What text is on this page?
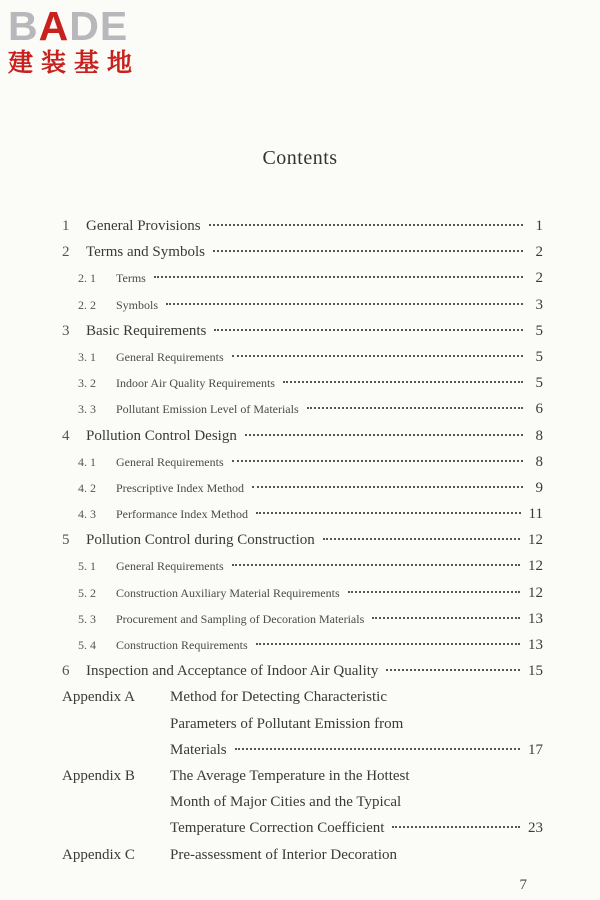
BADE
建装基地
Contents
1	General Provisions	1
2	Terms and Symbols	2
2. 1	Terms	2
2. 2	Symbols	3
3	Basic Requirements	5
3. 1	General Requirements	5
3. 2	Indoor Air Quality Requirements	5
3. 3	Pollutant Emission Level of Materials	6
4	Pollution Control Design	8
4. 1	General Requirements	8
4. 2	Prescriptive Index Method	9
4. 3	Performance Index Method	11
5	Pollution Control during Construction	12
5. 1	General Requirements	12
5. 2	Construction Auxiliary Material Requirements	12
5. 3	Procurement and Sampling of Decoration Materials	13
5. 4	Construction Requirements	13
6	Inspection and Acceptance of Indoor Air Quality	15
Appendix A	Method for Detecting Characteristic
Parameters of Pollutant Emission from
Materials	17
Appendix B	The Average Temperature in the Hottest
Month of Major Cities and the Typical
Temperature Correction Coefficient	23
Appendix C	Pre-assessment of Interior Decoration
7
